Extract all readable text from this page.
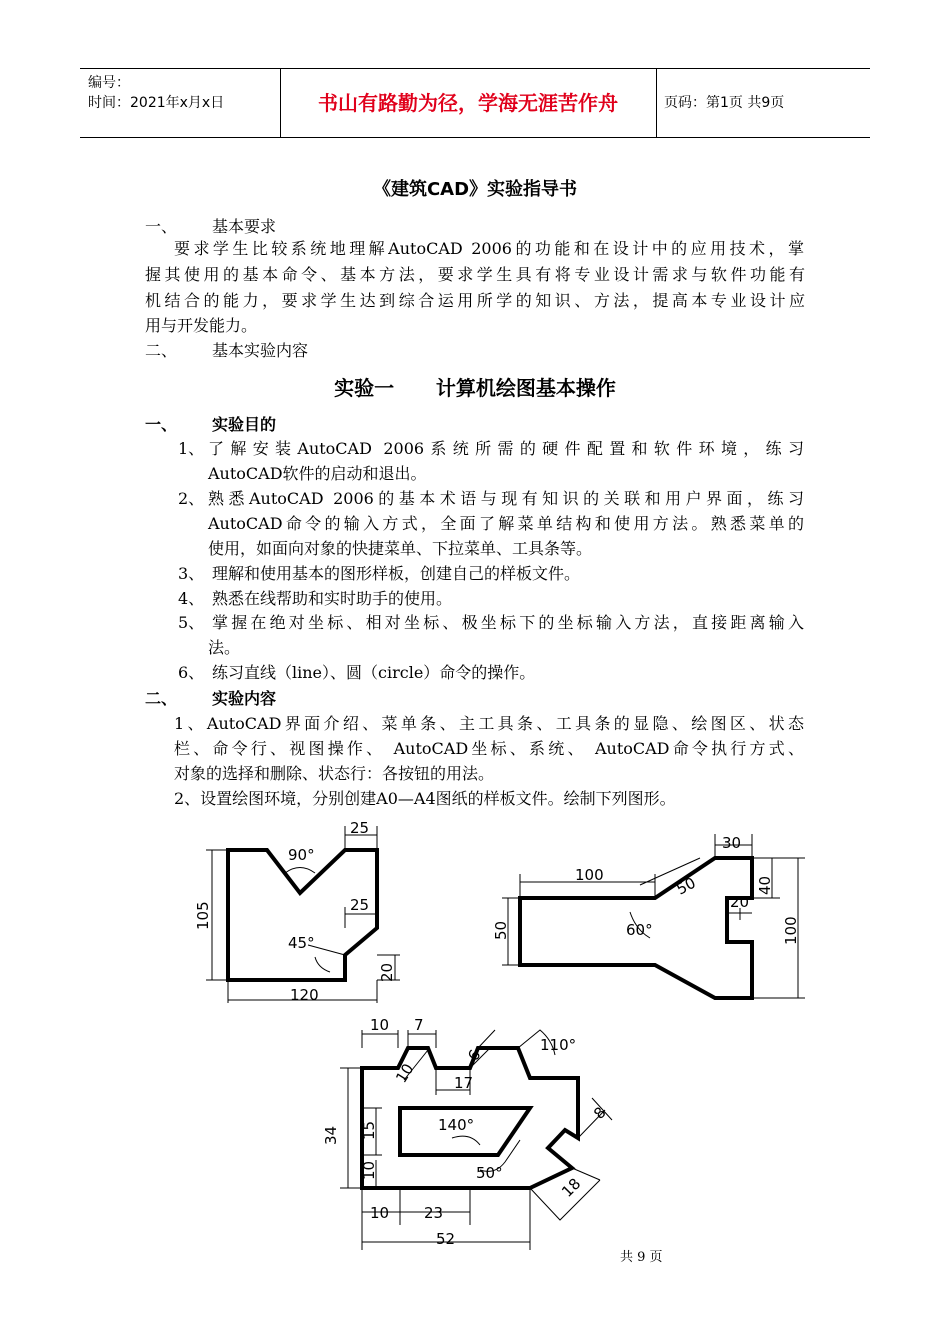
编号：
时间：2021年x月x日	书山有路勤为径，学海无涯苦作舟	页码：第1页 共9页
《建筑CAD》实验指导书
一、 基本要求
要求学生比较系统地理解AutoCAD 2006的功能和在设计中的应用技术，掌
握其使用的基本命令、基本方法，要求学生具有将专业设计需求与软件功能有
机结合的能力，要求学生达到综合运用所学的知识、方法，提高本专业设计应
用与开发能力。
二、 基本实验内容
实验一      计算机绘图基本操作
一、 实验目的
1、 了解安装AutoCAD 2006系统所需的硬件配置和软件环境，练习
AutoCAD软件的启动和退出。
2、 熟悉AutoCAD 2006的基本术语与现有知识的关联和用户界面，练习
AutoCAD命令的输入方式，全面了解菜单结构和使用方法。熟悉菜单的
使用，如面向对象的快捷菜单、下拉菜单、工具条等。
3、 理解和使用基本的图形样板，创建自己的样板文件。
4、 熟悉在线帮助和实时助手的使用。
5、 掌握在绝对坐标、相对坐标、极坐标下的坐标输入方法，直接距离输入
法。
6、 练习直线（line）、圆（circle）命令的操作。
二、 实验内容
1、AutoCAD界面介绍、菜单条、主工具条、工具条的显隐、绘图区、状态
栏、命令行、视图操作、 AutoCAD坐标、系统、 AutoCAD命令执行方式、
对象的选择和删除、状态行：各按钮的用法。
2、设置绘图环境，分别创建A0—A4图纸的样板文件。绘制下列图形。
25
90°
105	25
45°
20
120
30
100
50
40
20
50
60°	100
10 7
10
6
110°
17
34 15	140°
8
10	50°
18
10 23
52
共 9 页
